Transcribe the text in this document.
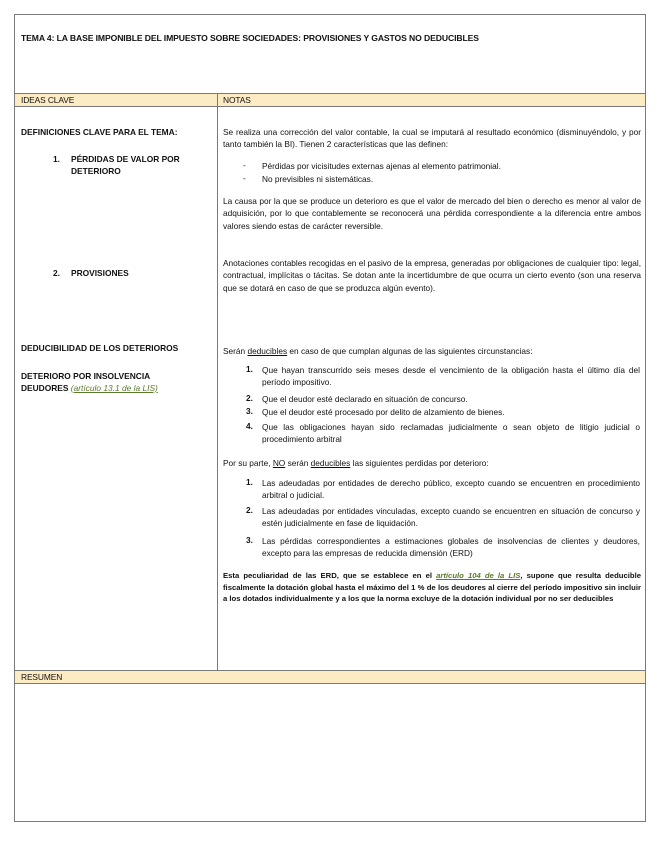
TEMA 4: LA BASE IMPONIBLE DEL IMPUESTO SOBRE SOCIEDADES: PROVISIONES Y GASTOS NO DEDUCIBLES
IDEAS CLAVE	NOTAS
RESUMEN
DEFINICIONES CLAVE PARA EL TEMA:
1. PÉRDIDAS DE VALOR POR
DETERIORO
2. PROVISIONES
DEDUCIBILIDAD DE LOS DETERIOROS
DETERIORO POR INSOLVENCIA
DEUDORES (artículo 13.1 de la LIS)
Se realiza una corrección del valor contable, la cual se imputará al resultado económico (disminuyéndolo, y por tanto también la BI). Tienen 2 características que las definen:
- Pérdidas por vicisitudes externas ajenas al elemento patrimonial.
- No previsibles ni sistemáticas.
La causa por la que se produce un deterioro es que el valor de mercado del bien o derecho es menor al valor de adquisición, por lo que contablemente se reconocerá una pérdida correspondiente a la diferencia entre ambos valores siendo estas de carácter reversible.
Anotaciones contables recogidas en el pasivo de la empresa, generadas por obligaciones de cualquier tipo: legal, contractual, implícitas o tácitas. Se dotan ante la incertidumbre de que ocurra un cierto evento (son una reserva que se dotará en caso de que se produzca algún evento).
Serán deducibles en caso de que cumplan algunas de las siguientes circunstancias:
1. Que hayan transcurrido seis meses desde el vencimiento de la obligación hasta el último día del período impositivo.
2. Que el deudor esté declarado en situación de concurso.
3. Que el deudor esté procesado por delito de alzamiento de bienes.
4. Que las obligaciones hayan sido reclamadas judicialmente o sean objeto de litigio judicial o procedimiento arbitral
Por su parte, NO serán deducibles las siguientes perdidas por deterioro:
1. Las adeudadas por entidades de derecho público, excepto cuando se encuentren en procedimiento arbitral o judicial.
2. Las adeudadas por entidades vinculadas, excepto cuando se encuentren en situación de concurso y estén judicialmente en fase de liquidación.
3. Las pérdidas correspondientes a estimaciones globales de insolvencias de clientes y deudores, excepto para las empresas de reducida dimensión (ERD)
Esta peculiaridad de las ERD, que se establece en el artículo 104 de la LIS, supone que resulta deducible fiscalmente la dotación global hasta el máximo del 1 % de los deudores al cierre del período impositivo sin incluir a los dotados individualmente y a los que la norma excluye de la dotación individual por no ser deducibles
